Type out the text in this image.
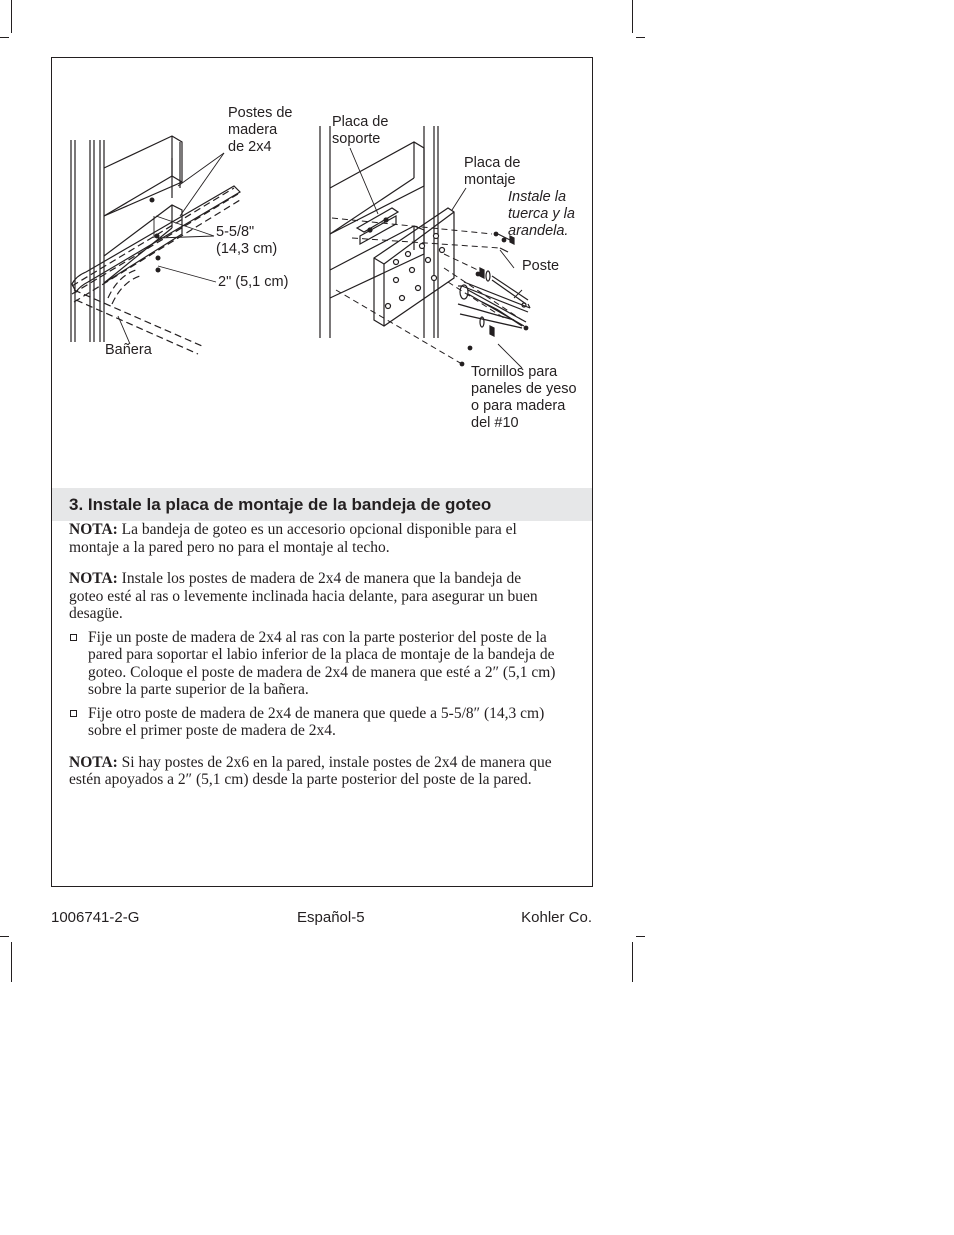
Postes de
madera
de 2x4
5-5/8"
(14,3 cm)
2" (5,1 cm)
Bañera
Placa de
soporte
Placa de
montaje
Instale la
tuerca y la
arandela.
Poste
Tornillos para
paneles de yeso
o para madera
del #10
3. Instale la placa de montaje de la bandeja de goteo

NOTA: La bandeja de goteo es un accesorio opcional disponible para el montaje a la pared pero no para el montaje al techo.

NOTA: Instale los postes de madera de 2x4 de manera que la bandeja de goteo esté al ras o levemente inclinada hacia delante, para asegurar un buen desagüe.

Fije un poste de madera de 2x4 al ras con la parte posterior del poste de la pared para soportar el labio inferior de la placa de montaje de la bandeja de goteo. Coloque el poste de madera de 2x4 de manera que esté a 2″ (5,1 cm) sobre la parte superior de la bañera.
Fije otro poste de madera de 2x4 de manera que quede a 5-5/8″ (14,3 cm) sobre el primer poste de madera de 2x4.

NOTA: Si hay postes de 2x6 en la pared, instale postes de 2x4 de manera que estén apoyados a 2″ (5,1 cm) desde la parte posterior del poste de la pared.

1006741-2-G	Español-5	Kohler Co.
